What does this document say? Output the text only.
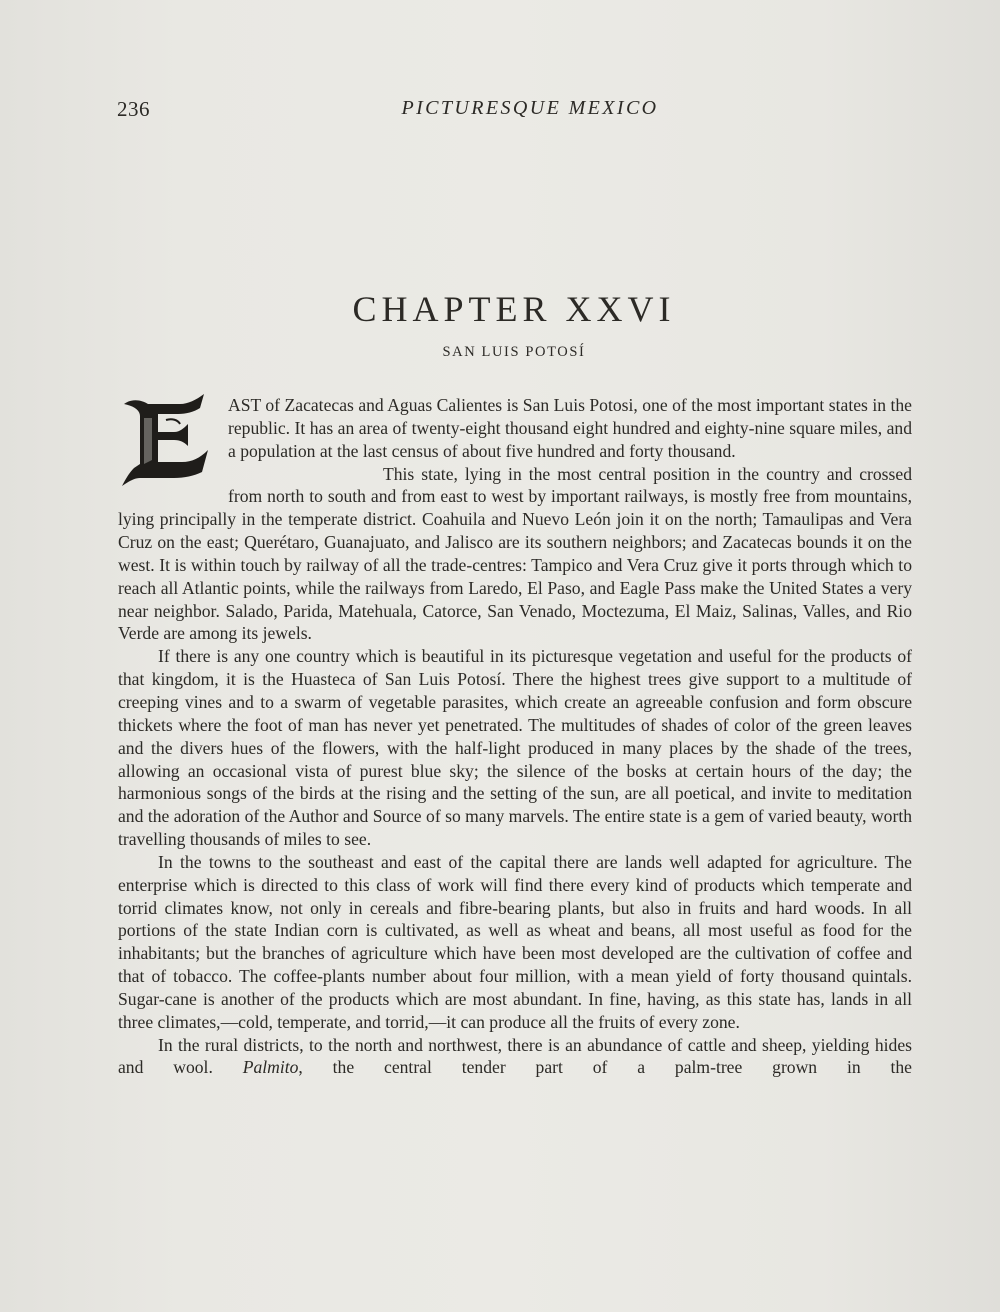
236	PICTURESQUE MEXICO
CHAPTER XXVI
SAN LUIS POTOSÍ

AST of Zacatecas and Aguas Calientes is San Luis Potosi, one of the most important states in the republic. It has an area of twenty-eight thousand eight hundred and eighty-nine square miles, and a population at the last census of about five hundred and forty thousand.

This state, lying in the most central position in the country and crossed from north to south and from east to west by important railways, is mostly free from mountains, lying principally in the temperate district. Coahuila and Nuevo León join it on the north; Tamaulipas and Vera Cruz on the east; Querétaro, Guanajuato, and Jalisco are its southern neighbors; and Zacatecas bounds it on the west. It is within touch by railway of all the trade-centres: Tampico and Vera Cruz give it ports through which to reach all Atlantic points, while the railways from Laredo, El Paso, and Eagle Pass make the United States a very near neighbor. Salado, Parida, Matehuala, Catorce, San Venado, Moctezuma, El Maiz, Salinas, Valles, and Rio Verde are among its jewels.

If there is any one country which is beautiful in its picturesque vegetation and useful for the products of that kingdom, it is the Huasteca of San Luis Potosí. There the highest trees give support to a multitude of creeping vines and to a swarm of vegetable parasites, which create an agreeable confusion and form obscure thickets where the foot of man has never yet penetrated. The multitudes of shades of color of the green leaves and the divers hues of the flowers, with the half-light produced in many places by the shade of the trees, allowing an occasional vista of purest blue sky; the silence of the bosks at certain hours of the day; the harmonious songs of the birds at the rising and the setting of the sun, are all poetical, and invite to meditation and the adoration of the Author and Source of so many marvels. The entire state is a gem of varied beauty, worth travelling thousands of miles to see.

In the towns to the southeast and east of the capital there are lands well adapted for agriculture. The enterprise which is directed to this class of work will find there every kind of products which temperate and torrid climates know, not only in cereals and fibre-bearing plants, but also in fruits and hard woods. In all portions of the state Indian corn is cultivated, as well as wheat and beans, all most useful as food for the inhabitants; but the branches of agriculture which have been most developed are the cultivation of coffee and that of tobacco. The coffee-plants number about four million, with a mean yield of forty thousand quintals. Sugar-cane is another of the products which are most abundant. In fine, having, as this state has, lands in all three climates,—cold, temperate, and torrid,—it can produce all the fruits of every zone.

In the rural districts, to the north and northwest, there is an abundance of cattle and sheep, yielding hides and wool. Palmito, the central tender part of a palm-tree grown in the
